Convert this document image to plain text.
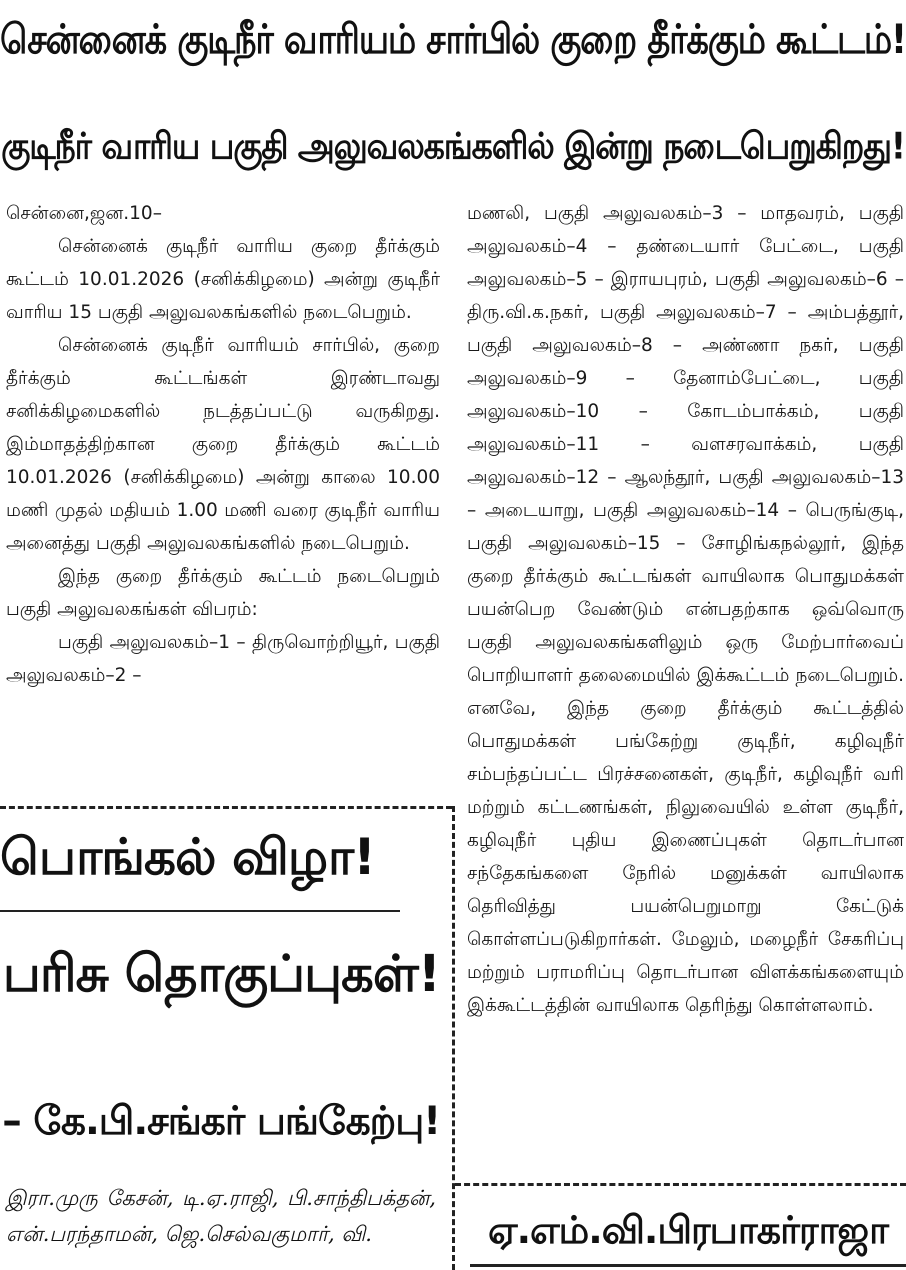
சென்னைக் குடிநீர் வாரியம் சார்பில் குறை தீர்க்கும் கூட்டம்!
குடிநீர் வாரிய பகுதி அலுவலகங்களில் இன்று நடைபெறுகிறது!

சென்னை,ஜன.10–

சென்னைக் குடிநீர் வாரிய குறை தீர்க்கும் கூட்டம் 10.01.2026 (சனிக்கிழமை) அன்று குடிநீர் வாரிய 15 பகுதி அலுவலகங்களில் நடைபெறும்.

சென்னைக் குடிநீர் வாரியம் சார்பில், குறை தீர்க்கும் கூட்டங்கள் இரண்டாவது சனிக்கிழமைகளில் நடத்தப்பட்டு வருகிறது. இம்மாதத்திற்கான குறை தீர்க்கும் கூட்டம் 10.01.2026 (சனிக்கிழமை) அன்று காலை 10.00 மணி முதல் மதியம் 1.00 மணி வரை குடிநீர் வாரிய அனைத்து பகுதி அலுவலகங்களில் நடைபெறும்.

இந்த குறை தீர்க்கும் கூட்டம் நடைபெறும் பகுதி அலுவலகங்கள் விபரம்:

பகுதி அலுவலகம்–1 – திருவொற்றியூர், பகுதி அலுவலகம்–2 –

மணலி, பகுதி அலுவலகம்–3 – மாதவரம், பகுதி அலுவலகம்–4 – தண்டையார் பேட்டை, பகுதி அலுவலகம்–5 – இராயபுரம், பகுதி அலுவலகம்–6 – திரு.வி.க.நகர், பகுதி அலுவலகம்–7 – அம்பத்தூர், பகுதி அலுவலகம்–8 – அண்ணா நகர், பகுதி அலுவலகம்–9 – தேனாம்பேட்டை, பகுதி அலுவலகம்–10 – கோடம்பாக்கம், பகுதி அலுவலகம்–11 – வளசரவாக்கம், பகுதி அலுவலகம்–12 – ஆலந்தூர், பகுதி அலுவலகம்–13 – அடையாறு, பகுதி அலுவலகம்–14 – பெருங்குடி, பகுதி அலுவலகம்–15 – சோழிங்கநல்லூர், இந்த குறை தீர்க்கும் கூட்டங்கள் வாயிலாக பொதுமக்கள் பயன்பெற வேண்டும் என்பதற்காக ஒவ்வொரு பகுதி அலுவலகங்களிலும் ஒரு மேற்பார்வைப் பொறியாளர் தலைமையில் இக்கூட்டம் நடைபெறும். எனவே, இந்த குறை தீர்க்கும் கூட்டத்தில் பொதுமக்கள் பங்கேற்று குடிநீர், கழிவுநீர் சம்பந்தப்பட்ட பிரச்சனைகள், குடிநீர், கழிவுநீர் வரி மற்றும் கட்டணங்கள், நிலுவையில் உள்ள குடிநீர், கழிவுநீர் புதிய இணைப்புகள் தொடர்பான சந்தேகங்களை நேரில் மனுக்கள் வாயிலாக தெரிவித்து பயன்பெறுமாறு கேட்டுக் கொள்ளப்படுகிறார்கள். மேலும், மழைநீர் சேகரிப்பு மற்றும் பராமரிப்பு தொடர்பான விளக்கங்களையும் இக்கூட்டத்தின் வாயிலாக தெரிந்து கொள்ளலாம்.

பொங்கல் விழா!
பரிசு தொகுப்புகள்!
– கே.பி.சங்கர் பங்கேற்பு!

இரா.முரு கேசன், டி.ஏ.ராஜி, பி.சாந்திபக்தன், என்.பரந்தாமன், ஜெ.செல்வகுமார், வி.	ஏ.எம்.வி.பிரபாகர்ராஜா
